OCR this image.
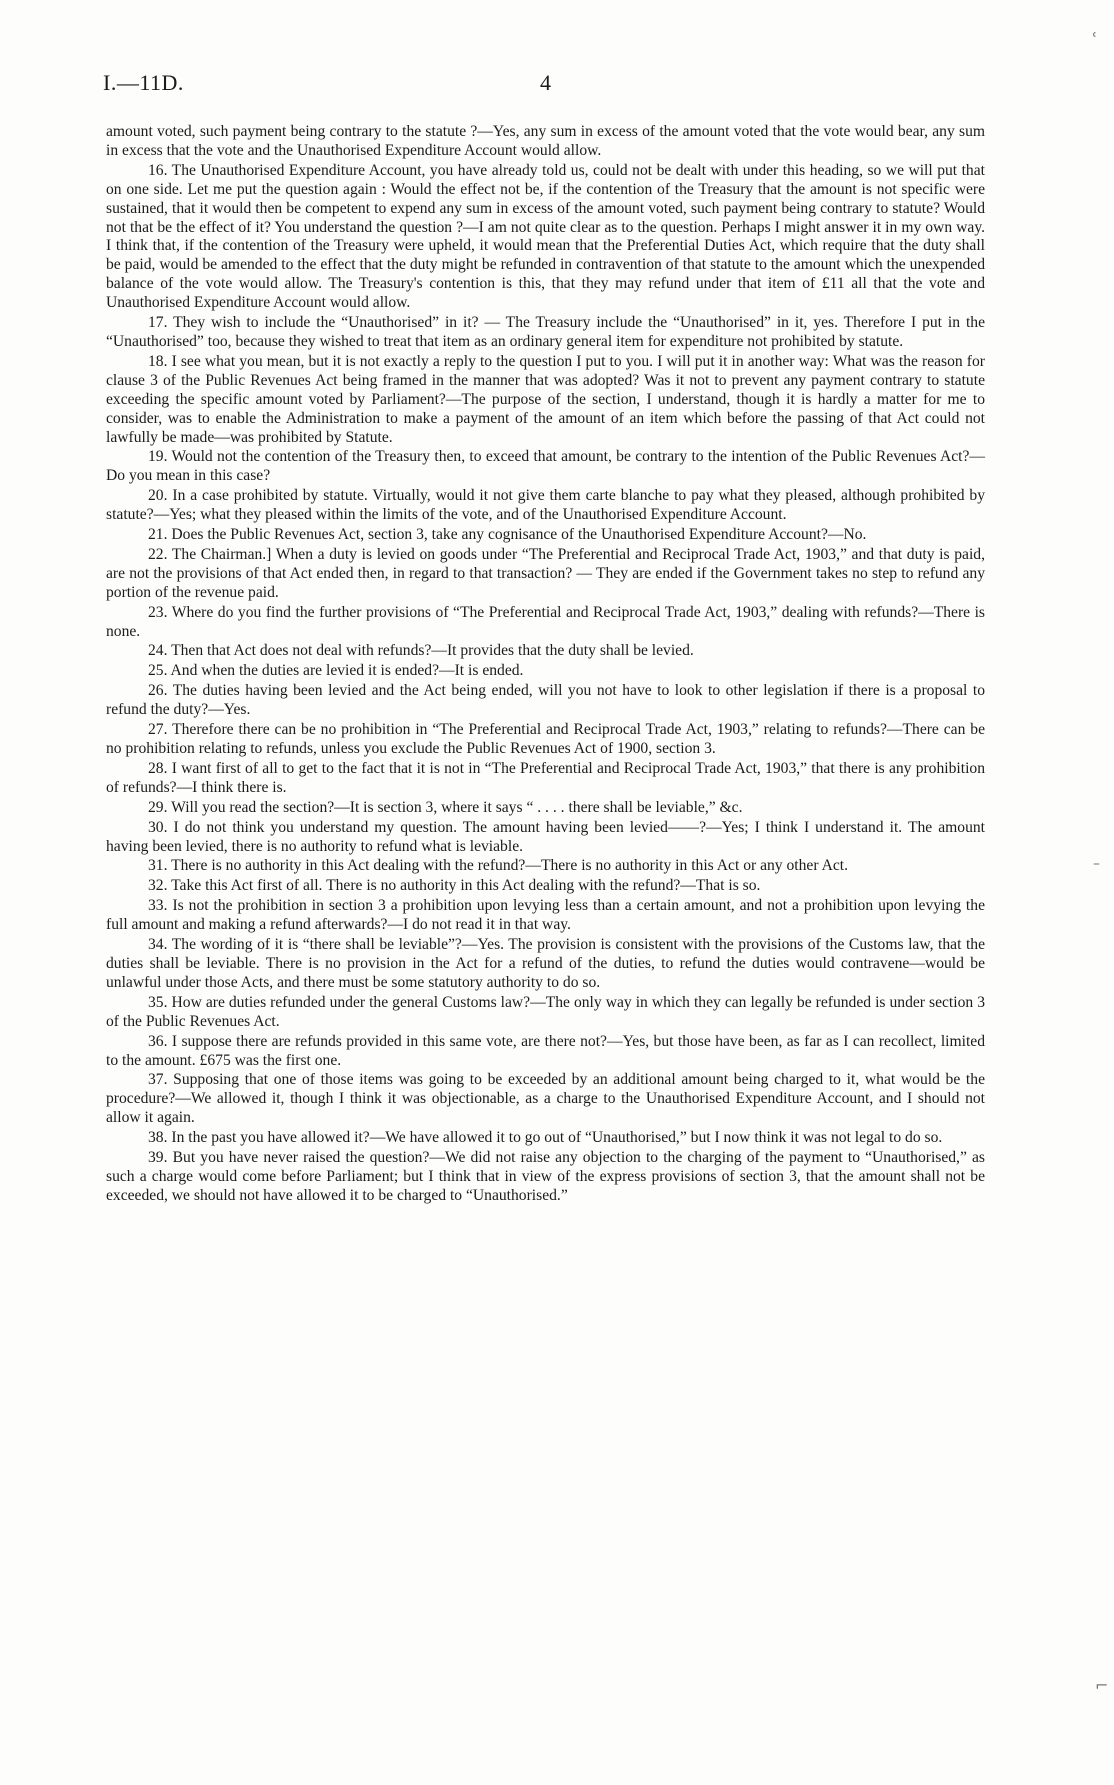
I.—11D.	4

amount voted, such payment being contrary to the statute ?—Yes, any sum in excess of the amount voted that the vote would bear, any sum in excess that the vote and the Unauthorised Expenditure Account would allow.

16. The Unauthorised Expenditure Account, you have already told us, could not be dealt with under this heading, so we will put that on one side. Let me put the question again : Would the effect not be, if the contention of the Treasury that the amount is not specific were sustained, that it would then be competent to expend any sum in excess of the amount voted, such payment being contrary to statute? Would not that be the effect of it? You understand the question ?—I am not quite clear as to the question. Perhaps I might answer it in my own way. I think that, if the contention of the Treasury were upheld, it would mean that the Preferential Duties Act, which require that the duty shall be paid, would be amended to the effect that the duty might be refunded in contravention of that statute to the amount which the unexpended balance of the vote would allow. The Treasury's contention is this, that they may refund under that item of £11 all that the vote and Unauthorised Expenditure Account would allow.

17. They wish to include the “Unauthorised” in it? — The Treasury include the “Unauthorised” in it, yes. Therefore I put in the “Unauthorised” too, because they wished to treat that item as an ordinary general item for expenditure not prohibited by statute.

18. I see what you mean, but it is not exactly a reply to the question I put to you. I will put it in another way: What was the reason for clause 3 of the Public Revenues Act being framed in the manner that was adopted? Was it not to prevent any payment contrary to statute exceeding the specific amount voted by Parliament?—The purpose of the section, I understand, though it is hardly a matter for me to consider, was to enable the Administration to make a payment of the amount of an item which before the passing of that Act could not lawfully be made—was prohibited by Statute.

19. Would not the contention of the Treasury then, to exceed that amount, be contrary to the intention of the Public Revenues Act?—Do you mean in this case?

20. In a case prohibited by statute. Virtually, would it not give them carte blanche to pay what they pleased, although prohibited by statute?—Yes; what they pleased within the limits of the vote, and of the Unauthorised Expenditure Account.

21. Does the Public Revenues Act, section 3, take any cognisance of the Unauthorised Expenditure Account?—No.

22. The Chairman.] When a duty is levied on goods under “The Preferential and Reciprocal Trade Act, 1903,” and that duty is paid, are not the provisions of that Act ended then, in regard to that transaction? — They are ended if the Government takes no step to refund any portion of the revenue paid.

23. Where do you find the further provisions of “The Preferential and Reciprocal Trade Act, 1903,” dealing with refunds?—There is none.

24. Then that Act does not deal with refunds?—It provides that the duty shall be levied.

25. And when the duties are levied it is ended?—It is ended.

26. The duties having been levied and the Act being ended, will you not have to look to other legislation if there is a proposal to refund the duty?—Yes.

27. Therefore there can be no prohibition in “The Preferential and Reciprocal Trade Act, 1903,” relating to refunds?—There can be no prohibition relating to refunds, unless you exclude the Public Revenues Act of 1900, section 3.

28. I want first of all to get to the fact that it is not in “The Preferential and Reciprocal Trade Act, 1903,” that there is any prohibition of refunds?—I think there is.

29. Will you read the section?—It is section 3, where it says “ . . . . there shall be leviable,” &c.

30. I do not think you understand my question. The amount having been levied——?—Yes; I think I understand it. The amount having been levied, there is no authority to refund what is leviable.

31. There is no authority in this Act dealing with the refund?—There is no authority in this Act or any other Act.

32. Take this Act first of all. There is no authority in this Act dealing with the refund?—That is so.

33. Is not the prohibition in section 3 a prohibition upon levying less than a certain amount, and not a prohibition upon levying the full amount and making a refund afterwards?—I do not read it in that way.

34. The wording of it is “there shall be leviable”?—Yes. The provision is consistent with the provisions of the Customs law, that the duties shall be leviable. There is no provision in the Act for a refund of the duties, to refund the duties would contravene—would be unlawful under those Acts, and there must be some statutory authority to do so.

35. How are duties refunded under the general Customs law?—The only way in which they can legally be refunded is under section 3 of the Public Revenues Act.

36. I suppose there are refunds provided in this same vote, are there not?—Yes, but those have been, as far as I can recollect, limited to the amount. £675 was the first one.

37. Supposing that one of those items was going to be exceeded by an additional amount being charged to it, what would be the procedure?—We allowed it, though I think it was objectionable, as a charge to the Unauthorised Expenditure Account, and I should not allow it again.

38. In the past you have allowed it?—We have allowed it to go out of “Unauthorised,” but I now think it was not legal to do so.

39. But you have never raised the question?—We did not raise any objection to the charging of the payment to “Unauthorised,” as such a charge would come before Parliament; but I think that in view of the express provisions of section 3, that the amount shall not be exceeded, we should not have allowed it to be charged to “Unauthorised.”

ʿ
–
⌐
